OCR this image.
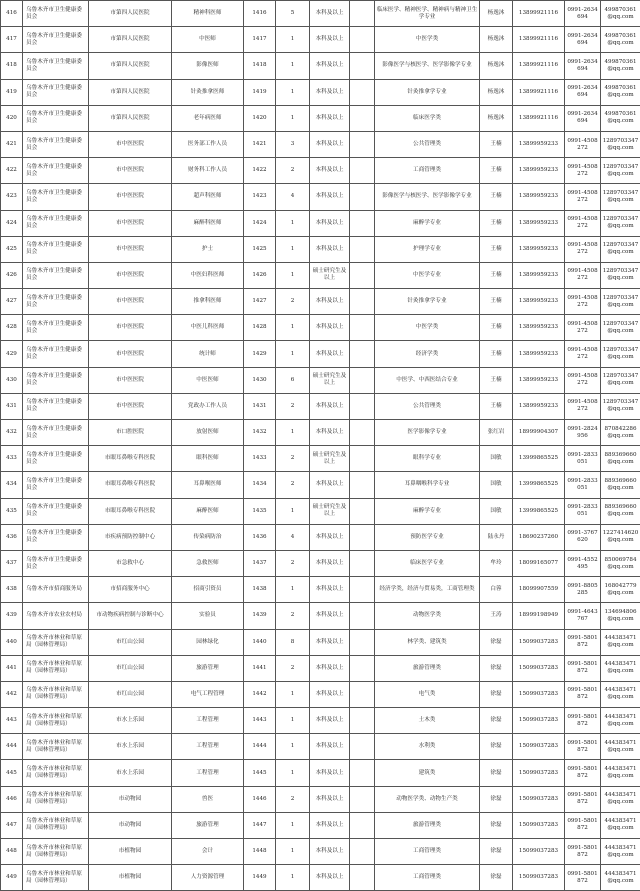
416	乌鲁木齐市卫生健康委员会	市第四人民医院	精神科医师	1416	5	本科及以上		临床医学、精神医学、精神病与精神卫生学专业	杨逸沐	13899921116	0991-2634694	499870361@qq.com
417	乌鲁木齐市卫生健康委员会	市第四人民医院	中医师	1417	1	本科及以上		中医学类	杨逸沐	13899921116	0991-2634694	499870361@qq.com
418	乌鲁木齐市卫生健康委员会	市第四人民医院	影像医师	1418	1	本科及以上		影像医学与核医学、医学影像学专业	杨逸沐	13899921116	0991-2634694	499870361@qq.com
419	乌鲁木齐市卫生健康委员会	市第四人民医院	针灸推拿医师	1419	1	本科及以上		针灸推拿学专业	杨逸沐	13899921116	0991-2634694	499870361@qq.com
420	乌鲁木齐市卫生健康委员会	市第四人民医院	老年病医师	1420	1	本科及以上		临床医学类	杨逸沐	13899921116	0991-2634694	499870361@qq.com
421	乌鲁木齐市卫生健康委员会	市中医医院	医务部工作人员	1421	3	本科及以上		公共管理类	王楠	13899959233	0991-4508272	1289703347@qq.com
422	乌鲁木齐市卫生健康委员会	市中医医院	财务科工作人员	1422	2	本科及以上		工商管理类	王楠	13899959233	0991-4508272	1289703347@qq.com
423	乌鲁木齐市卫生健康委员会	市中医医院	超声科医师	1423	4	本科及以上		影像医学与核医学、医学影像学专业	王楠	13899959233	0991-4508272	1289703347@qq.com
424	乌鲁木齐市卫生健康委员会	市中医医院	麻醉科医师	1424	1	本科及以上		麻醉学专业	王楠	13899959233	0991-4508272	1289703347@qq.com
425	乌鲁木齐市卫生健康委员会	市中医医院	护士	1425	1	本科及以上		护理学专业	王楠	13899959233	0991-4508272	1289703347@qq.com
426	乌鲁木齐市卫生健康委员会	市中医医院	中医妇科医师	1426	1	硕士研究生及以上		中医学专业	王楠	13899959233	0991-4508272	1289703347@qq.com
427	乌鲁木齐市卫生健康委员会	市中医医院	推拿科医师	1427	2	本科及以上		针灸推拿学专业	王楠	13899959233	0991-4508272	1289703347@qq.com
428	乌鲁木齐市卫生健康委员会	市中医医院	中医儿科医师	1428	1	本科及以上		中医学类	王楠	13899959233	0991-4508272	1289703347@qq.com
429	乌鲁木齐市卫生健康委员会	市中医医院	统计师	1429	1	本科及以上		经济学类	王楠	13899959233	0991-4508272	1289703347@qq.com
430	乌鲁木齐市卫生健康委员会	市中医医院	中医医师	1430	6	硕士研究生及以上		中医学、中西医结合专业	王楠	13899959233	0991-4508272	1289703347@qq.com
431	乌鲁木齐市卫生健康委员会	市中医医院	党政办工作人员	1431	2	本科及以上		公共管理类	王楠	13899959233	0991-4508272	1289703347@qq.com
432	乌鲁木齐市卫生健康委员会	市口腔医院	放射医师	1432	1	本科及以上		医学影像学专业	张红岩	18999904307	0991-2824956	870842286@qq.com
433	乌鲁木齐市卫生健康委员会	市眼耳鼻喉专科医院	眼科医师	1433	2	硕士研究生及以上		眼科学专业	国敏	13999865525	0991-2833051	889369660@qq.com
434	乌鲁木齐市卫生健康委员会	市眼耳鼻喉专科医院	耳鼻喉医师	1434	2	本科及以上		耳鼻咽喉科学专业	国敏	13999865525	0991-2833051	889369660@qq.com
435	乌鲁木齐市卫生健康委员会	市眼耳鼻喉专科医院	麻醉医师	1435	1	硕士研究生及以上		麻醉学专业	国敏	13999865525	0991-2833051	889369660@qq.com
436	乌鲁木齐市卫生健康委员会	市疾病预防控制中心	传染病防治	1436	4	本科及以上		预防医学专业	陆永丹	18690237260	0991-3767620	1227414620@qq.com
437	乌鲁木齐市卫生健康委员会	市急救中心	急救医师	1437	2	本科及以上		临床医学专业	牟玲	18099165077	0991-4552495	850069784@qq.com
438	乌鲁木齐市招商服务局	市招商服务中心	招商引资员	1438	1	本科及以上		经济学类，经济与贸易类，工商管理类	白蓉	18099907559	0991-8805285	168042779@qq.com
439	乌鲁木齐市农业农村局	市动物疾病控制与诊断中心	实验员	1439	2	本科及以上		动物医学类	王涛	18999198949	0991-4643767	134694806@qq.com
440	乌鲁木齐市林业和草原局（园林管理局）	市红山公园	园林绿化	1440	8	本科及以上		林学类、建筑类	徐磊	15099037283	0991-5801872	444383471@qq.com
441	乌鲁木齐市林业和草原局（园林管理局）	市红山公园	旅游管理	1441	2	本科及以上		旅游管理类	徐磊	15099037283	0991-5801872	444383471@qq.com
442	乌鲁木齐市林业和草原局（园林管理局）	市红山公园	电气工程管理	1442	1	本科及以上		电气类	徐磊	15099037283	0991-5801872	444383471@qq.com
443	乌鲁木齐市林业和草原局（园林管理局）	市水上乐园	工程管理	1443	1	本科及以上		土木类	徐磊	15099037283	0991-5801872	444383471@qq.com
444	乌鲁木齐市林业和草原局（园林管理局）	市水上乐园	工程管理	1444	1	本科及以上		水利类	徐磊	15099037283	0991-5801872	444383471@qq.com
445	乌鲁木齐市林业和草原局（园林管理局）	市水上乐园	工程管理	1445	1	本科及以上		建筑类	徐磊	15099037283	0991-5801872	444383471@qq.com
446	乌鲁木齐市林业和草原局（园林管理局）	市动物园	兽医	1446	2	本科及以上		动物医学类、动物生产类	徐磊	15099037283	0991-5801872	444383471@qq.com
447	乌鲁木齐市林业和草原局（园林管理局）	市动物园	旅游管理	1447	1	本科及以上		旅游管理类	徐磊	15099037283	0991-5801872	444383471@qq.com
448	乌鲁木齐市林业和草原局（园林管理局）	市植物园	会计	1448	1	本科及以上		工商管理类	徐磊	15099037283	0991-5801872	444383471@qq.com
449	乌鲁木齐市林业和草原局（园林管理局）	市植物园	人力资源管理	1449	1	本科及以上		工商管理类	徐磊	15099037283	0991-5801872	444383471@qq.com
